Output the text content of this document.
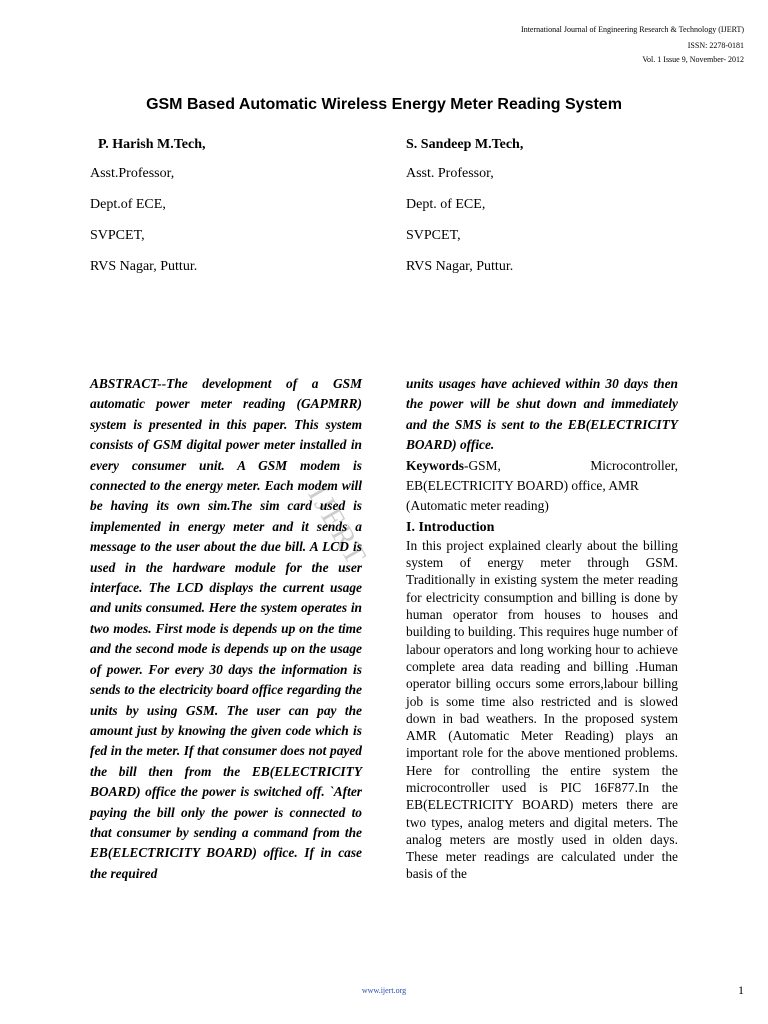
International Journal of Engineering Research & Technology (IJERT)
ISSN: 2278-0181
Vol. 1 Issue 9, November- 2012
GSM Based Automatic Wireless Energy Meter Reading System
P. Harish M.Tech,
Asst.Professor,
Dept.of ECE,
SVPCET,
RVS Nagar, Puttur.
S. Sandeep M.Tech,
Asst. Professor,
Dept. of ECE,
SVPCET,
RVS Nagar, Puttur.
IJERT
ABSTRACT--The development of a GSM automatic power meter reading (GAPMRR) system is presented in this paper. This system consists of GSM digital power meter installed in every consumer unit. A GSM modem is connected to the energy meter. Each modem will be having its own sim.The sim card used is implemented in energy meter and it sends a message to the user about the due bill. A LCD is used in the hardware module for the user interface. The LCD displays the current usage and units consumed. Here the system operates in two modes. First mode is depends up on the time and the second mode is depends up on the usage of power. For every 30 days the information is sends to the electricity board office regarding the units by using GSM. The user can pay the amount just by knowing the given code which is fed in the meter. If that consumer does not payed the bill then from the EB(ELECTRICITY BOARD) office the power is switched off. `After paying the bill only the power is connected to that consumer by sending a command from the EB(ELECTRICITY BOARD) office. If in case the required
units usages have achieved within 30 days then the power will be shut down and immediately and the SMS is sent to the EB(ELECTRICITY BOARD) office.
Keywords-GSM, Microcontroller, EB(ELECTRICITY BOARD) office, AMR
(Automatic meter reading)
I. Introduction
In this project explained clearly about the billing system of energy meter through GSM. Traditionally in existing system the meter reading for electricity consumption and billing is done by human operator from houses to houses and building to building. This requires huge number of labour operators and long working hour to achieve complete area data reading and billing .Human operator billing occurs some errors,labour billing job is some time also restricted and is slowed down in bad weathers. In the proposed system AMR (Automatic Meter Reading) plays an important role for the above mentioned problems. Here for controlling the entire system the microcontroller used is PIC 16F877.In the EB(ELECTRICITY BOARD) meters there are two types, analog meters and digital meters. The analog meters are mostly used in olden days. These meter readings are calculated under the basis of the
www.ijert.org	1
